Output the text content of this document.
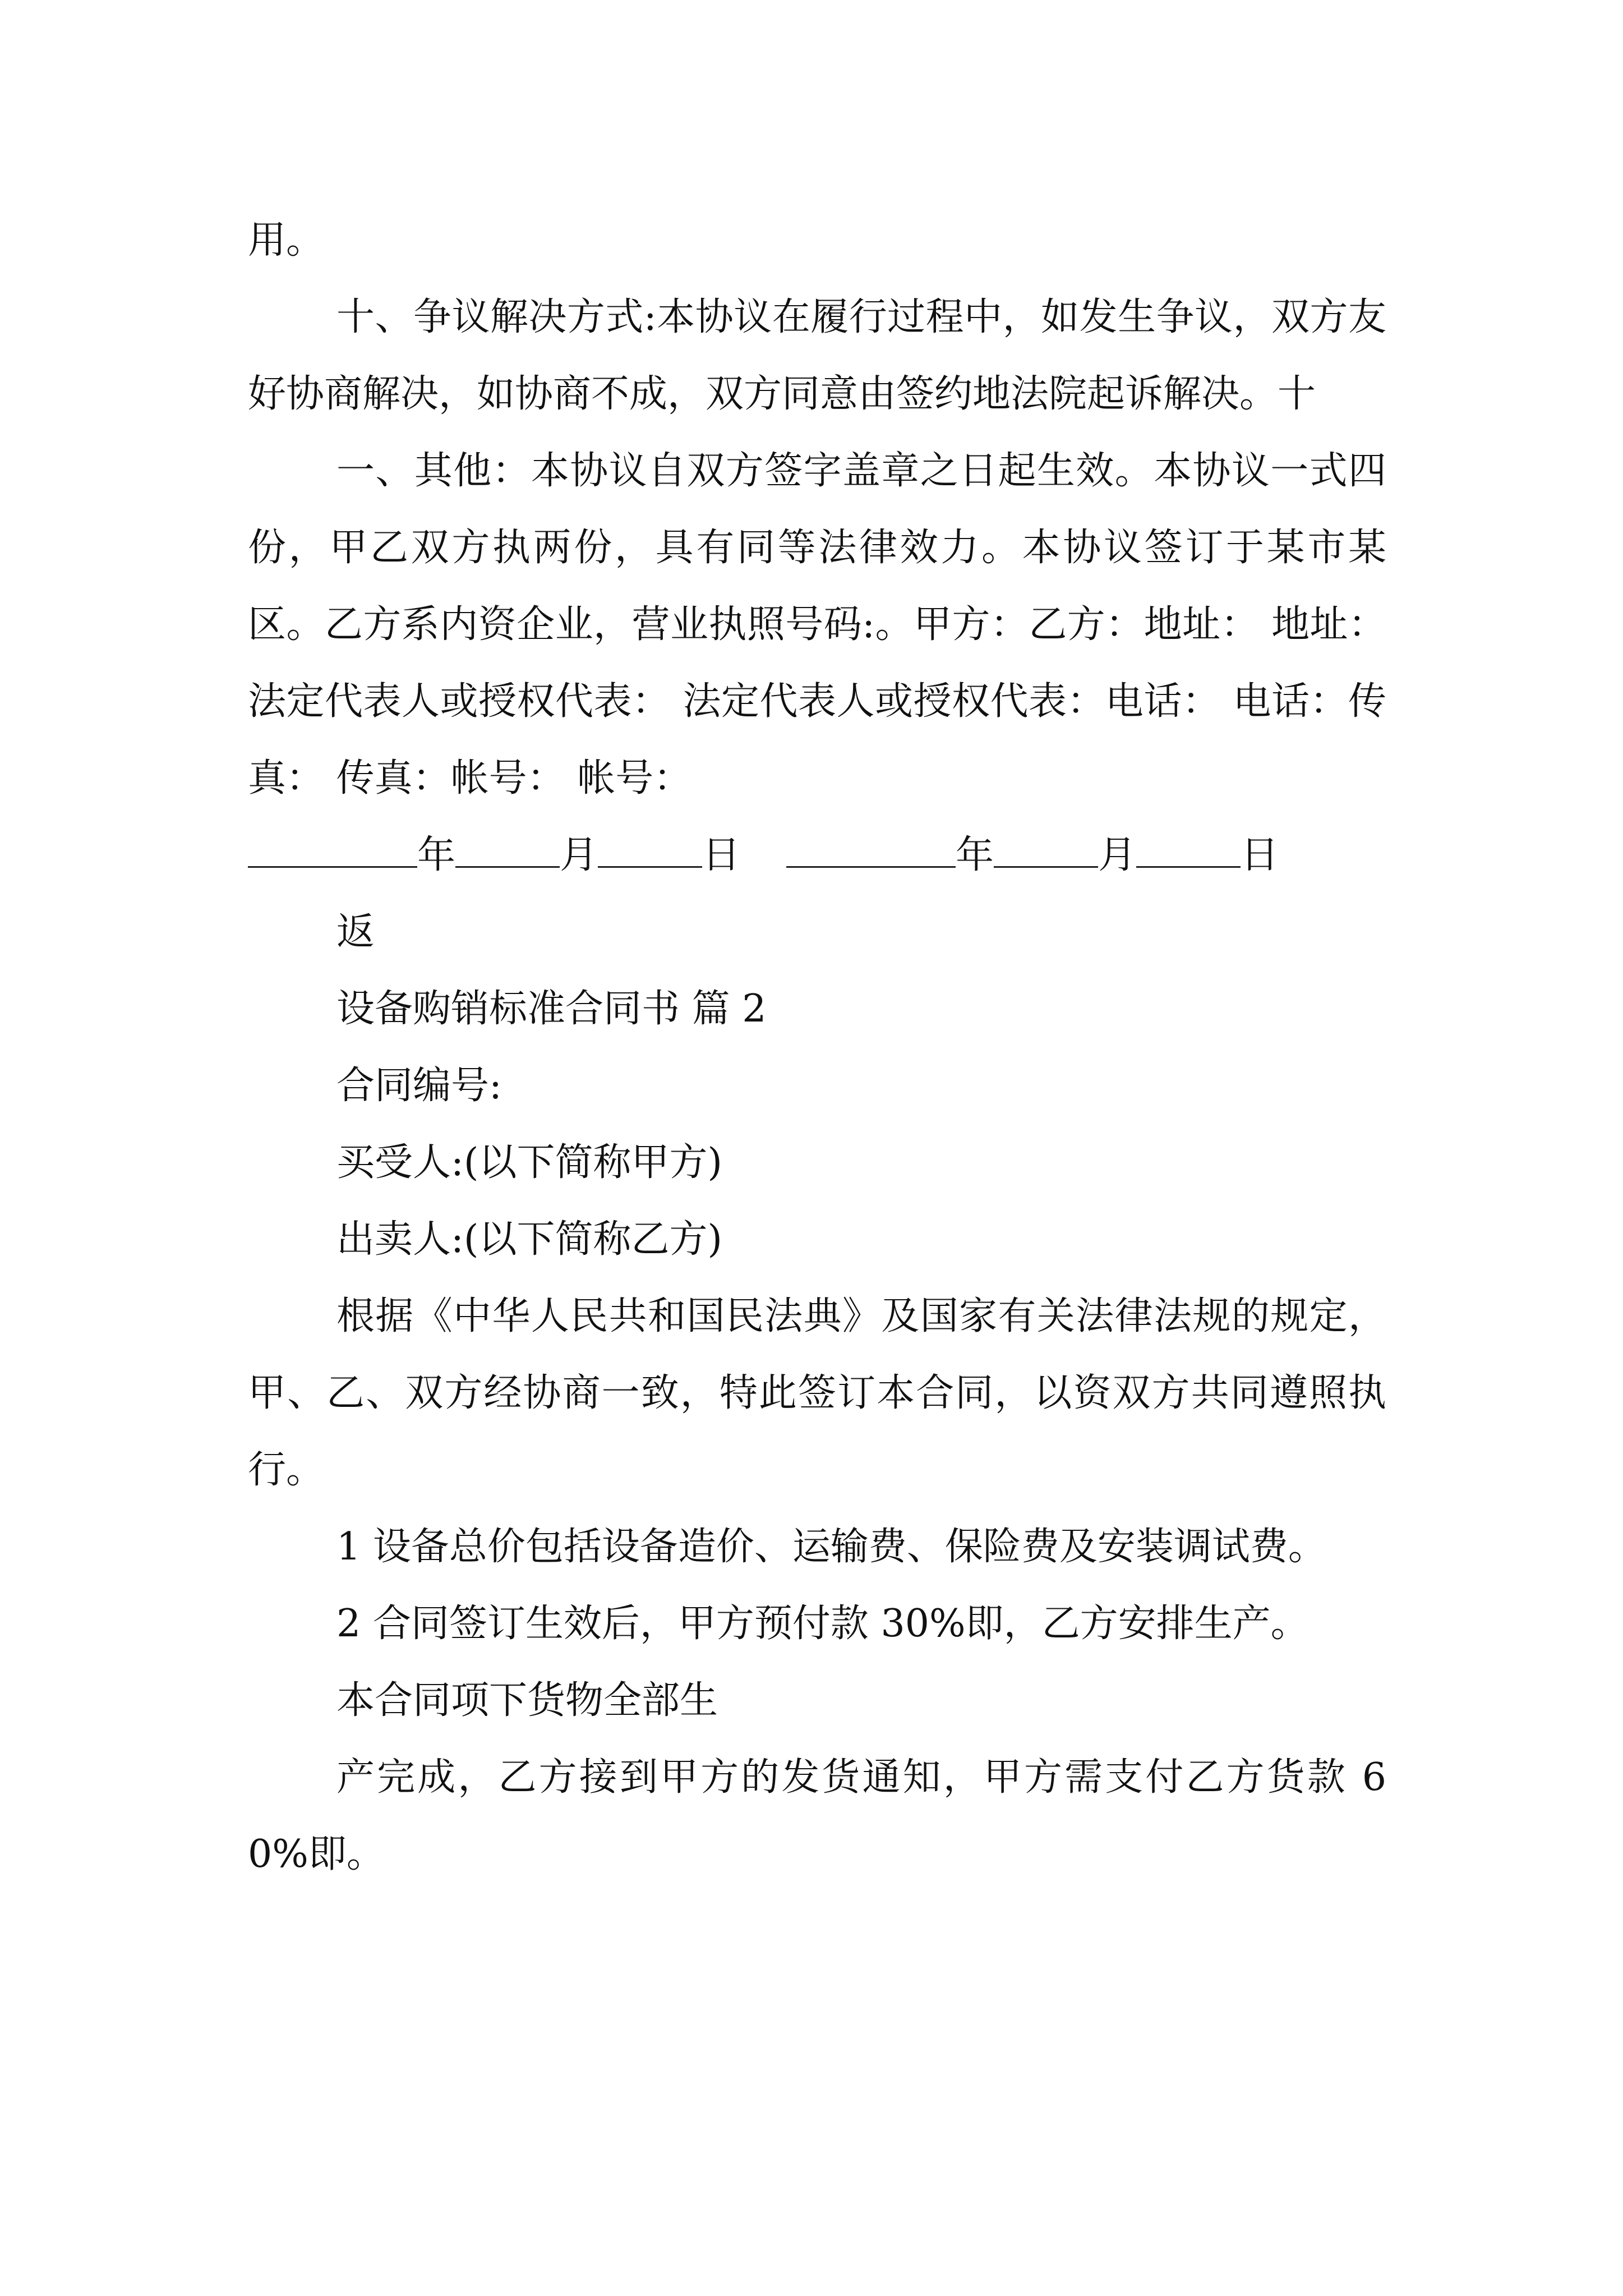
用。

十、争议解决方式:本协议在履行过程中，如发生争议，双方友好协商解决，如协商不成，双方同意由签约地法院起诉解决。十

一、其他：本协议自双方签字盖章之日起生效。本协议一式四份，甲乙双方执两份，具有同等法律效力。本协议签订于某市某区。乙方系内资企业，营业执照号码:。甲方：乙方：地址： 地址：法定代表人或授权代表： 法定代表人或授权代表：电话： 电话：传真： 传真：帐号： 帐号：

年	月	日	年	月	日

返

设备购销标准合同书 篇 2

合同编号:

买受人:(以下简称甲方)

出卖人:(以下简称乙方)

根据《中华人民共和国民法典》及国家有关法律法规的规定，甲、乙、双方经协商一致，特此签订本合同，以资双方共同遵照执行。

1 设备总价包括设备造价、运输费、保险费及安装调试费。

2 合同签订生效后，甲方预付款 30%即，乙方安排生产。

本合同项下货物全部生

产完成，乙方接到甲方的发货通知，甲方需支付乙方货款 60%即。
